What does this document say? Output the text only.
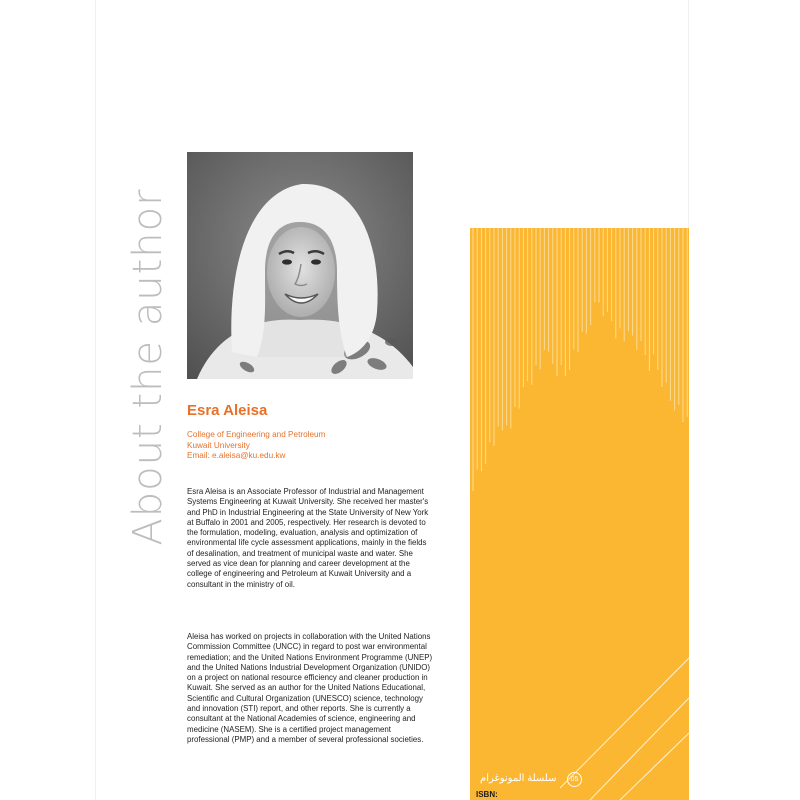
About the author Esra Aleisa
College of Engineering and Petroleum
Kuwait University
Email: e.aleisa@ku.edu.kw
Esra Aleisa is an Associate Professor of Industrial and Management Systems Engineering at Kuwait University. She received her master's and PhD in Industrial Engineering at the State University of New York at Buffalo in 2001 and 2005, respectively. Her research is devoted to the formulation, modeling, evaluation, analysis and optimization of environmental life cycle assessment applications, mainly in the fields of desalination, and treatment of municipal waste and water. She served as vice dean for planning and career development at the college of engineering and Petroleum at Kuwait University and a consultant in the ministry of oil.
Aleisa has worked on projects in collaboration with the United Nations Commission Committee (UNCC) in regard to post war environmental remediation; and the United Nations Environment Programme (UNEP) and the United Nations Industrial Development Organization (UNIDO) on a project on national resource efficiency and cleaner production in Kuwait. She served as an author for the United Nations Educational, Scientific and Cultural Organization (UNESCO) science, technology and innovation (STI) report, and other reports. She is currently a consultant at the National Academies of science, engineering and medicine (NASEM). She is a certified project management professional (PMP) and a member of several professional societies.
سلسلة المونوغرام	05
ISBN:
